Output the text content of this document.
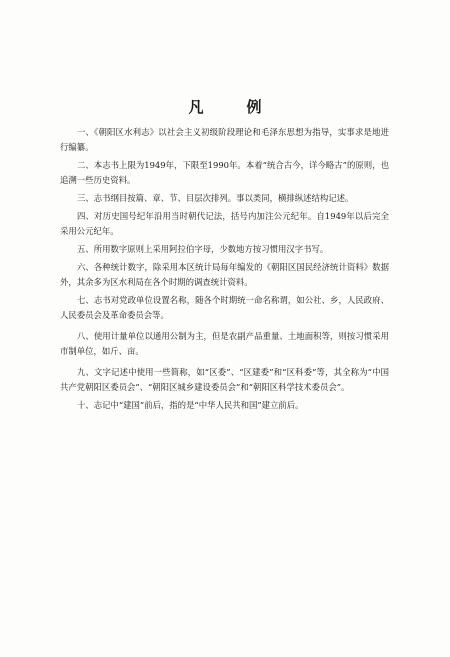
凡　例
一、《朝阳区水利志》以社会主义初级阶段理论和毛泽东思想为指导，实事求是地进行编纂。
二、本志书上限为1949年，下限至1990年。本着“统合古今，详今略古”的原则，也追溯一些历史资料。
三、志书纲目按篇、章、节、目层次排列。事以类同，横排纵述结构记述。
四、对历史国号纪年沿用当时朝代记法，括号内加注公元纪年。自1949年以后完全采用公元纪年。
五、所用数字原则上采用阿拉伯字母，少数地方按习惯用汉字书写。
六、各种统计数字，除采用本区统计局每年编发的《朝阳区国民经济统计资料》数据外，其余多为区水利局在各个时期的调查统计资料。
七、志书对党政单位设置名称，随各个时期统一命名称谓，如公社、乡，人民政府、人民委员会及革命委员会等。
八、使用计量单位以通用公制为主，但是农副产品重量、土地面积等，则按习惯采用市制单位，如斤、亩。
九、文字记述中使用一些简称，如“区委”、“区建委”和“区科委”等，其全称为“中国共产党朝阳区委员会”、“朝阳区城乡建设委员会”和“朝阳区科学技术委员会”。
十、志记中“建国”前后，指的是“中华人民共和国”建立前后。
